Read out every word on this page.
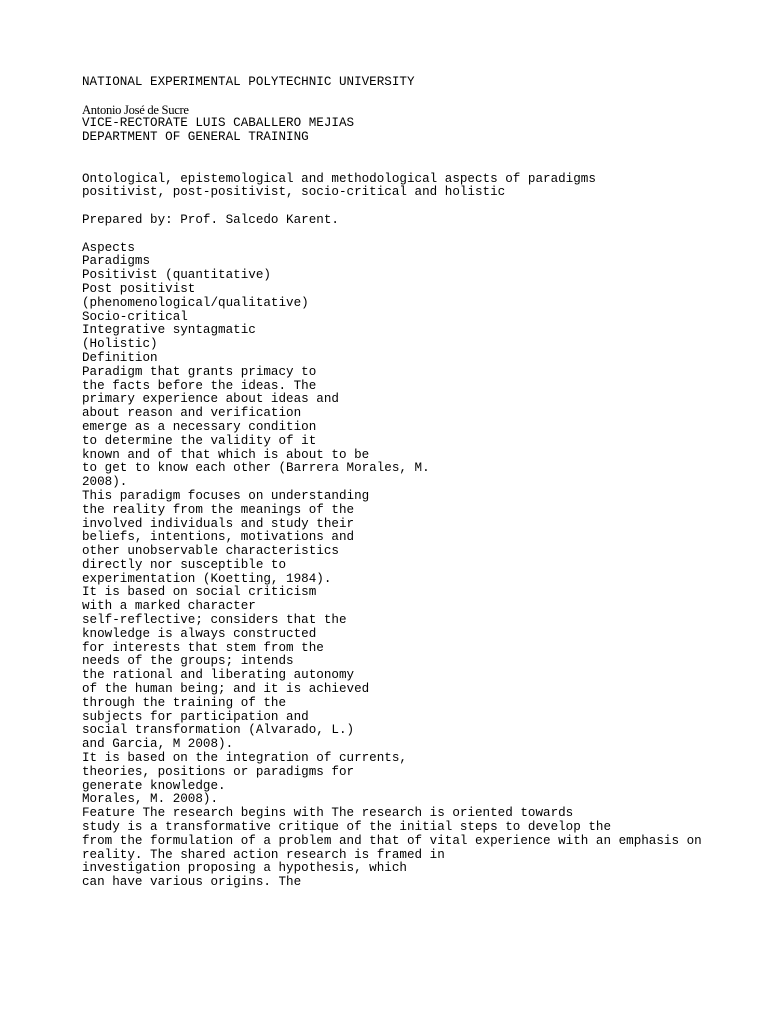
NATIONAL EXPERIMENTAL POLYTECHNIC UNIVERSITY

Antonio José de Sucre

VICE-RECTORATE LUIS CABALLERO MEJIAS

DEPARTMENT OF GENERAL TRAINING

Ontological, epistemological and methodological aspects of paradigms

positivist, post-positivist, socio-critical and holistic

Prepared by: Prof. Salcedo Karent.

Aspects

Paradigms

Positivist (quantitative)

Post positivist

(phenomenological/qualitative)

Socio-critical

Integrative syntagmatic

(Holistic)

Definition

Paradigm that grants primacy to

the facts before the ideas. The

primary experience about ideas and

about reason and verification

emerge as a necessary condition

to determine the validity of it

known and of that which is about to be

to get to know each other (Barrera Morales, M.

2008).

This paradigm focuses on understanding

the reality from the meanings of the

involved individuals and study their

beliefs, intentions, motivations and

other unobservable characteristics

directly nor susceptible to

experimentation (Koetting, 1984).

It is based on social criticism

with a marked character

self-reflective; considers that the

knowledge is always constructed

for interests that stem from the

needs of the groups; intends

the rational and liberating autonomy

of the human being; and it is achieved

through the training of the

subjects for participation and

social transformation (Alvarado, L.)

and Garcia, M 2008).

It is based on the integration of currents,

theories, positions or paradigms for

generate knowledge.

Morales, M. 2008).

Feature The research begins with The research is oriented towards

study is a transformative critique of the initial steps to develop the

from the formulation of a problem and that of vital experience with an emphasis on

reality. The shared action research is framed in

investigation proposing a hypothesis, which

can have various origins. The
